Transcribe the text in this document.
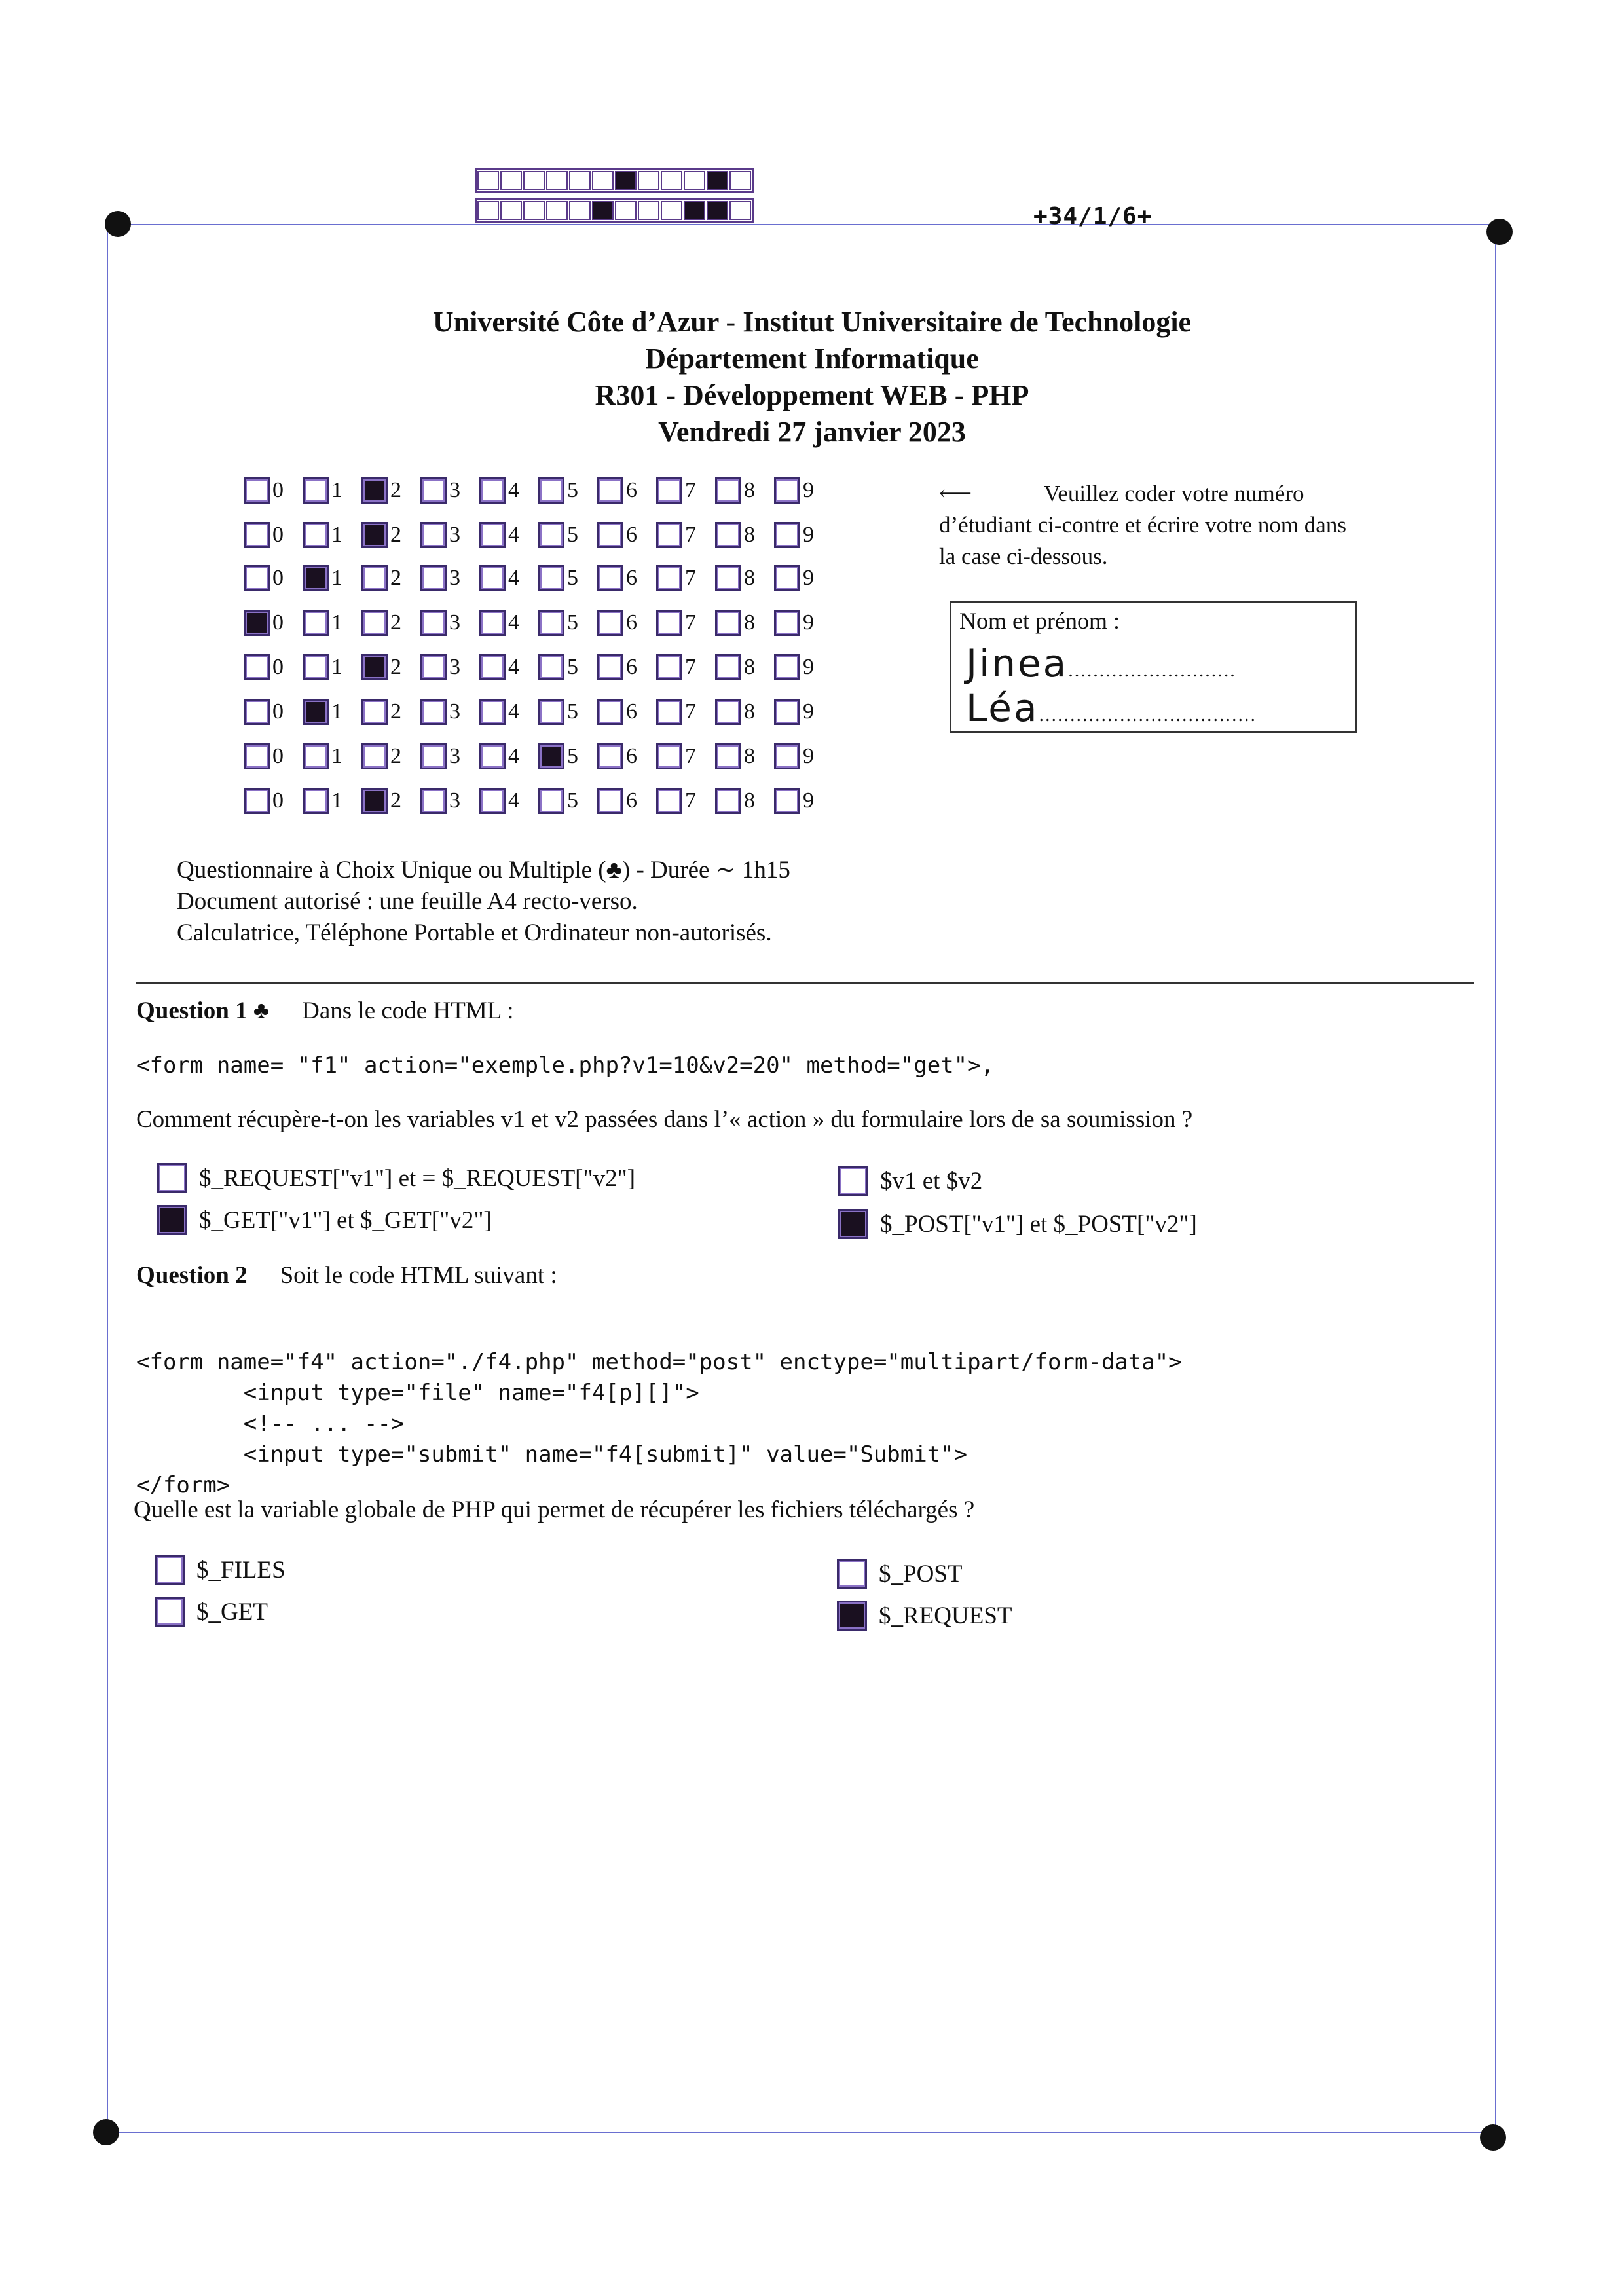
+34/1/6+
Université Côte d’Azur - Institut Universitaire de Technologie
Département Informatique
R301 - Développement WEB - PHP
Vendredi 27 janvier 2023
0 1 2 3 4 5 6 7 8 9
0 1 2 3 4 5 6 7 8 9
0 1 2 3 4 5 6 7 8 9
0 1 2 3 4 5 6 7 8 9
0 1 2 3 4 5 6 7 8 9
0 1 2 3 4 5 6 7 8 9
0 1 2 3 4 5 6 7 8 9
0 1 2 3 4 5 6 7 8 9
⟵	Veuillez coder votre numéro d’étudiant ci-contre et écrire votre nom dans la case ci-dessous.
Nom et prénom :
Jinea...........................
Léa...................................
Questionnaire à Choix Unique ou Multiple (♣) - Durée ∼ 1h15
Document autorisé : une feuille A4 recto-verso.
Calculatrice, Téléphone Portable et Ordinateur non-autorisés.
Question 1 ♣ Dans le code HTML :
<form name= "f1" action="exemple.php?v1=10&v2=20" method="get">,
Comment récupère-t-on les variables v1 et v2 passées dans l’« action » du formulaire lors de sa soumission ?
$_REQUEST["v1"] et = $_REQUEST["v2"]
$_GET["v1"] et $_GET["v2"]
$v1 et $v2
$_POST["v1"] et $_POST["v2"]
Question 2 Soit le code HTML suivant :

<form name="f4" action="./f4.php" method="post" enctype="multipart/form-data">
<input type="file" name="f4[p][]">
<!-- ... -->
<input type="submit" name="f4[submit]" value="Submit">
</form>

Quelle est la variable globale de PHP qui permet de récupérer les fichiers téléchargés ?
$_FILES
$_GET
$_POST
$_REQUEST
